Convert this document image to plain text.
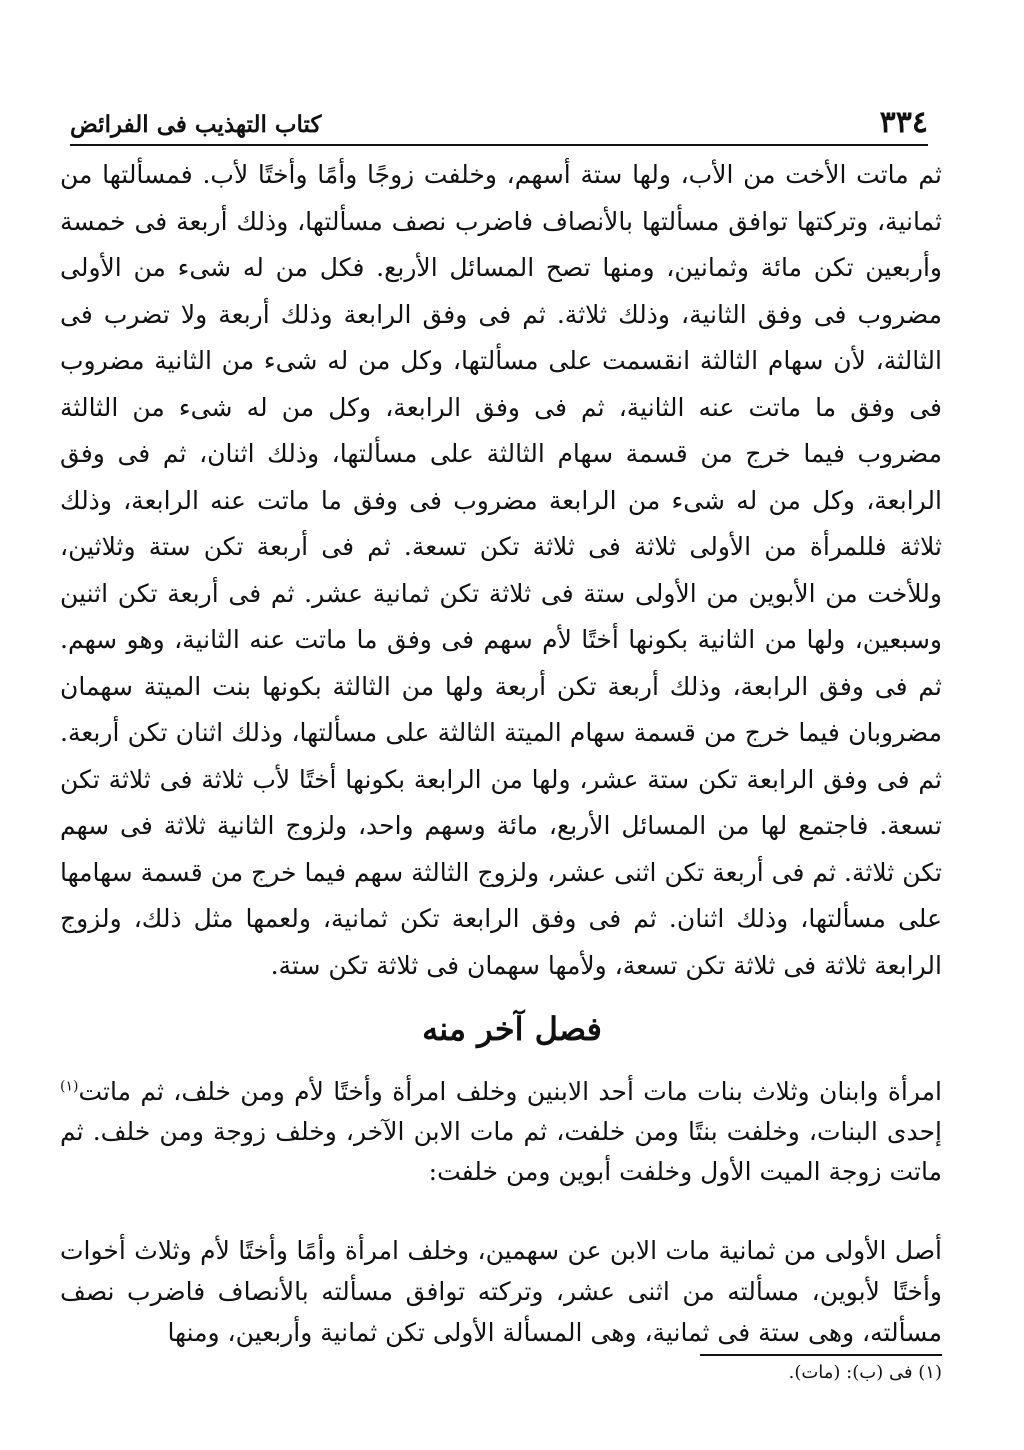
٣٣٤
كتاب التهذيب فى الفرائض

ثم ماتت الأخت من الأب، ولها ستة أسهم، وخلفت زوجًا وأمًا وأختًا لأب. فمسألتها من ثمانية، وتركتها توافق مسألتها بالأنصاف فاضرب نصف مسألتها، وذلك أربعة فى خمسة وأربعين تكن مائة وثمانين، ومنها تصح المسائل الأربع. فكل من له شىء من الأولى مضروب فى وفق الثانية، وذلك ثلاثة. ثم فى وفق الرابعة وذلك أربعة ولا تضرب فى الثالثة، لأن سهام الثالثة انقسمت على مسألتها، وكل من له شىء من الثانية مضروب فى وفق ما ماتت عنه الثانية، ثم فى وفق الرابعة، وكل من له شىء من الثالثة مضروب فيما خرج من قسمة سهام الثالثة على مسألتها، وذلك اثنان، ثم فى وفق الرابعة، وكل من له شىء من الرابعة مضروب فى وفق ما ماتت عنه الرابعة، وذلك ثلاثة فللمرأة من الأولى ثلاثة فى ثلاثة تكن تسعة. ثم فى أربعة تكن ستة وثلاثين، وللأخت من الأبوين من الأولى ستة فى ثلاثة تكن ثمانية عشر. ثم فى أربعة تكن اثنين وسبعين، ولها من الثانية بكونها أختًا لأم سهم فى وفق ما ماتت عنه الثانية، وهو سهم. ثم فى وفق الرابعة، وذلك أربعة تكن أربعة ولها من الثالثة بكونها بنت الميتة سهمان مضروبان فيما خرج من قسمة سهام الميتة الثالثة على مسألتها، وذلك اثنان تكن أربعة. ثم فى وفق الرابعة تكن ستة عشر، ولها من الرابعة بكونها أختًا لأب ثلاثة فى ثلاثة تكن تسعة. فاجتمع لها من المسائل الأربع، مائة وسهم واحد، ولزوج الثانية ثلاثة فى سهم تكن ثلاثة. ثم فى أربعة تكن اثنى عشر، ولزوج الثالثة سهم فيما خرج من قسمة سهامها على مسألتها، وذلك اثنان. ثم فى وفق الرابعة تكن ثمانية، ولعمها مثل ذلك، ولزوج الرابعة ثلاثة فى ثلاثة تكن تسعة، ولأمها سهمان فى ثلاثة تكن ستة.

فصل آخر منه

امرأة وابنان وثلاث بنات مات أحد الابنين وخلف امرأة وأختًا لأم ومن خلف، ثم ماتت$^{(١)}$ إحدى البنات، وخلفت بنتًا ومن خلفت، ثم مات الابن الآخر، وخلف زوجة ومن خلف. ثم ماتت زوجة الميت الأول وخلفت أبوين ومن خلفت:

أصل الأولى من ثمانية مات الابن عن سهمين، وخلف امرأة وأمًا وأختًا لأم وثلاث أخوات وأختًا لأبوين، مسألته من اثنى عشر، وتركته توافق مسألته بالأنصاف فاضرب نصف مسألته، وهى ستة فى ثمانية، وهى المسألة الأولى تكن ثمانية وأربعين، ومنها

(١) فى (ب): (مات).
